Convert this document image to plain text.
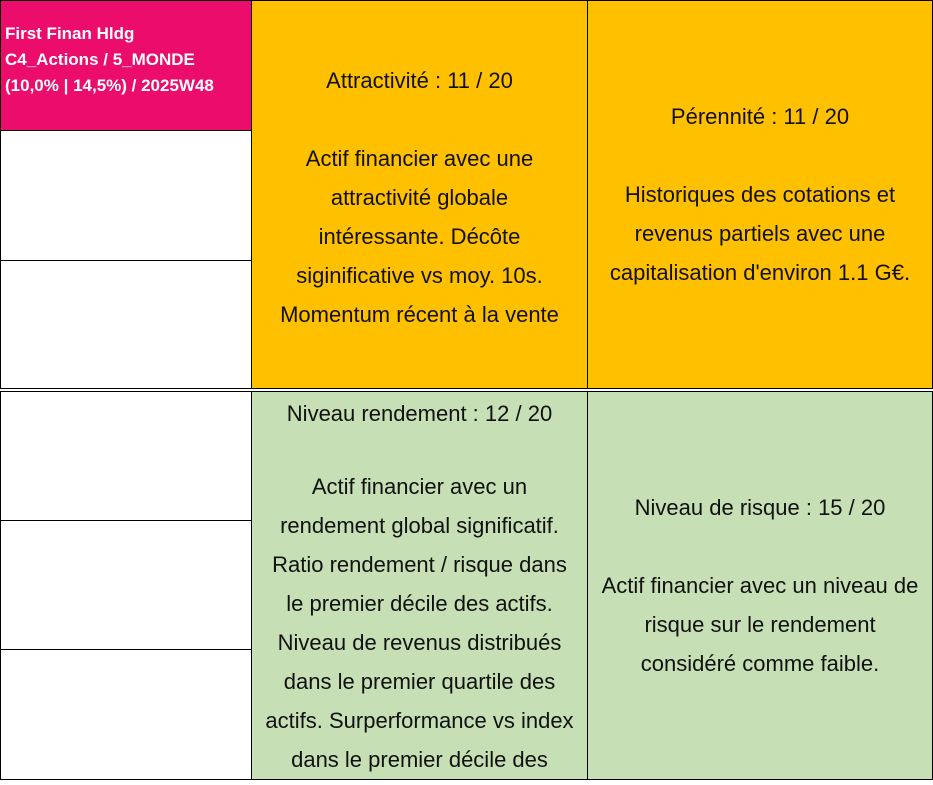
First Finan Hldg
C4_Actions / 5_MONDE
(10,0% | 14,5%) / 2025W48	Attractivité : 11 / 20

Actif financier avec une

attractivité globale

intéressante. Décôte

siginificative vs moy. 10s.

Momentum récent à la vente

Pérennité : 11 / 20

Historiques des cotations et

revenus partiels avec une

capitalisation d'environ 1.1 G€.

Niveau rendement : 12 / 20

Actif financier avec un

rendement global significatif.

Ratio rendement / risque dans

le premier décile des actifs.

Niveau de revenus distribués

dans le premier quartile des

actifs. Surperformance vs index

dans le premier décile des

Niveau de risque : 15 / 20

Actif financier avec un niveau de

risque sur le rendement

considéré comme faible.
